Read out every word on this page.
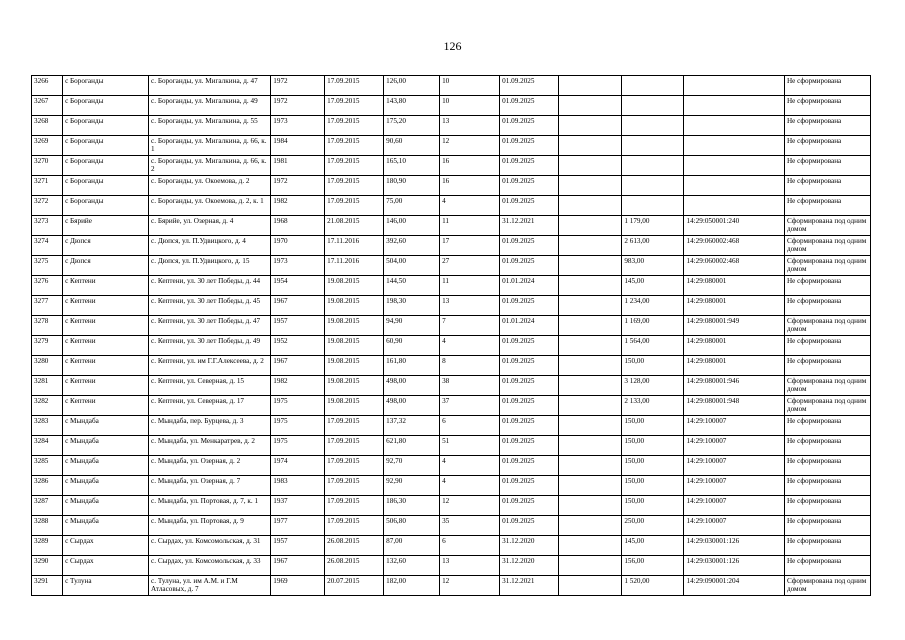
126
3266	с Бороганды	с. Бороганды, ул. Мигалкина, д. 47	1972	17.09.2015	126,00	10	01.09.2025				Не сформирована
3267	с Бороганды	с. Бороганды, ул. Мигалкина, д. 49	1972	17.09.2015	143,80	10	01.09.2025				Не сформирована
3268	с Бороганды	с. Бороганды, ул. Мигалкина, д. 55	1973	17.09.2015	175,20	13	01.09.2025				Не сформирована
3269	с Бороганды	с. Бороганды, ул. Мигалкина, д. 66, к. 1	1984	17.09.2015	90,60	12	01.09.2025				Не сформирована
3270	с Бороганды	с. Бороганды, ул. Мигалкина, д. 66, к. 2	1981	17.09.2015	165,10	16	01.09.2025				Не сформирована
3271	с Бороганды	с. Бороганды, ул. Окоемова, д. 2	1972	17.09.2015	180,90	16	01.09.2025				Не сформирована
3272	с Бороганды	с. Бороганды, ул. Окоемова, д. 2, к. 1	1982	17.09.2015	75,00	4	01.09.2025				Не сформирована
3273	с Бярийе	с. Бярийе, ул. Озерная, д. 4	1968	21.08.2015	146,00	11	31.12.2021		1 179,00	14:29:050001:240	Сформирована под одним домом
3274	с Дюпся	с. Дюпся, ул. П.Удвицкого, д. 4	1970	17.11.2016	392,60	17	01.09.2025		2 613,00	14:29:060002:468	Сформирована под одним домом
3275	с Дюпся	с. Дюпся, ул. П.Удвицкого, д. 15	1973	17.11.2016	504,00	27	01.09.2025		983,00	14:29:060002:468	Сформирована под одним домом
3276	с Кептени	с. Кептени, ул. 30 лет Победы, д. 44	1954	19.08.2015	144,50	11	01.01.2024		145,00	14:29:080001	Не сформирована
3277	с Кептени	с. Кептени, ул. 30 лет Победы, д. 45	1967	19.08.2015	198,30	13	01.09.2025		1 234,00	14:29:080001	Не сформирована
3278	с Кептени	с. Кептени, ул. 30 лет Победы, д. 47	1957	19.08.2015	94,90	7	01.01.2024		1 169,00	14:29:080001:949	Сформирована под одним домом
3279	с Кептени	с. Кептени, ул. 30 лет Победы, д. 49	1952	19.08.2015	60,90	4	01.09.2025		1 564,00	14:29:080001	Не сформирована
3280	с Кептени	с. Кептени, ул. им Г.Г.Алексеева, д. 2	1967	19.08.2015	161,80	8	01.09.2025		150,00	14:29:080001	Не сформирована
3281	с Кептени	с. Кептени, ул. Северная, д. 15	1982	19.08.2015	498,00	38	01.09.2025		3 128,00	14:29:080001:946	Сформирована под одним домом
3282	с Кептени	с. Кептени, ул. Северная, д. 17	1975	19.08.2015	498,00	37	01.09.2025		2 133,00	14:29:080001:948	Сформирована под одним домом
3283	с Мындаба	с. Мындаба, пер. Бурцева, д. 3	1975	17.09.2015	137,32	6	01.09.2025		150,00	14:29:100007	Не сформирована
3284	с Мындаба	с. Мындаба, ул. Менкаратрев, д. 2	1975	17.09.2015	621,80	51	01.09.2025		150,00	14:29:100007	Не сформирована
3285	с Мындаба	с. Мындаба, ул. Озерная, д. 2	1974	17.09.2015	92,70	4	01.09.2025		150,00	14:29:100007	Не сформирована
3286	с Мындаба	с. Мындаба, ул. Озерная, д. 7	1983	17.09.2015	92,90	4	01.09.2025		150,00	14:29:100007	Не сформирована
3287	с Мындаба	с. Мындаба, ул. Портовая, д. 7, к. 1	1937	17.09.2015	186,30	12	01.09.2025		150,00	14:29:100007	Не сформирована
3288	с Мындаба	с. Мындаба, ул. Портовая, д. 9	1977	17.09.2015	506,80	35	01.09.2025		250,00	14:29:100007	Не сформирована
3289	с Сырдах	с. Сырдах, ул. Комсомольская, д. 31	1957	26.08.2015	87,00	6	31.12.2020		145,00	14:29:030001:126	Не сформирована
3290	с Сырдах	с. Сырдах, ул. Комсомольская, д. 33	1967	26.08.2015	132,60	13	31.12.2020		156,00	14:29:030001:126	Не сформирована
3291	с Тулуна	с. Тулуна, ул. им А.М. и Г.М Атласовых, д. 7	1969	20.07.2015	182,00	12	31.12.2021		1 520,00	14:29:090001:204	Сформирована под одним домом
